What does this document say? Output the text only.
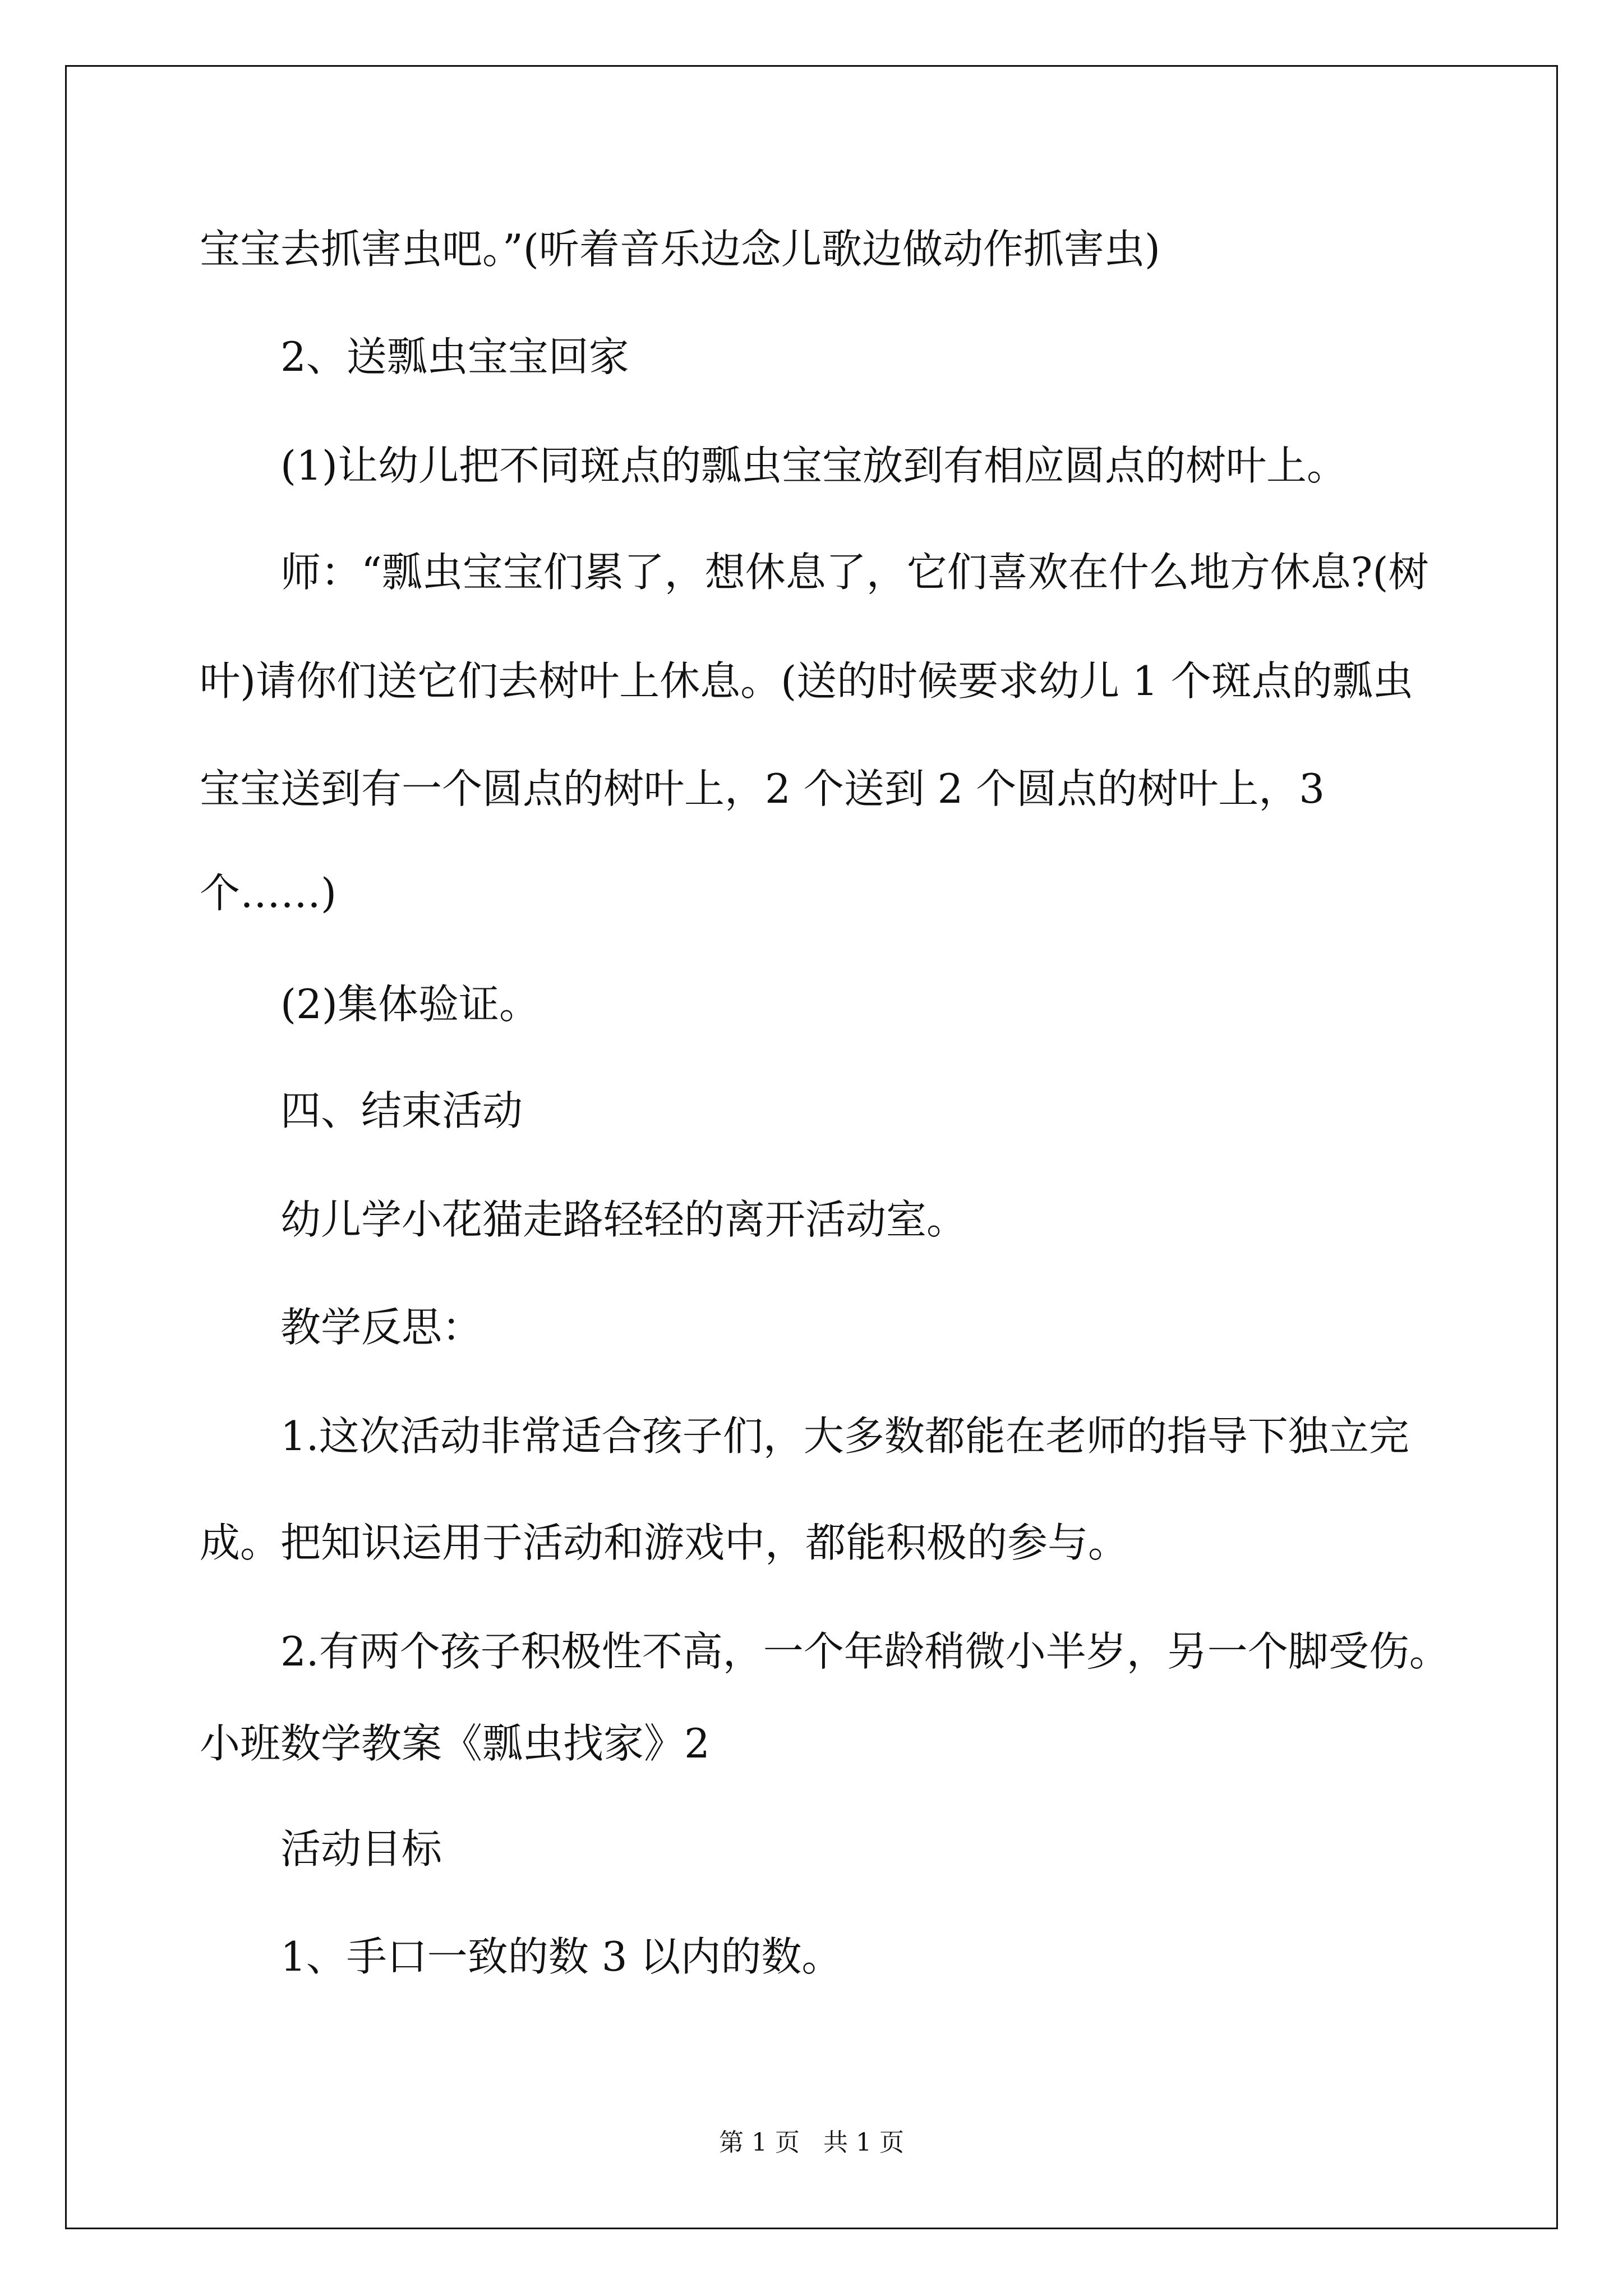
宝宝去抓害虫吧。”(听着音乐边念儿歌边做动作抓害虫)

2、送瓢虫宝宝回家

(1)让幼儿把不同斑点的瓢虫宝宝放到有相应圆点的树叶上。

师：“瓢虫宝宝们累了，想休息了，它们喜欢在什么地方休息?(树

叶)请你们送它们去树叶上休息。(送的时候要求幼儿 1 个斑点的瓢虫

宝宝送到有一个圆点的树叶上，2 个送到 2 个圆点的树叶上，3

个……)

(2)集体验证。

四、结束活动

幼儿学小花猫走路轻轻的离开活动室。

教学反思：

1.这次活动非常适合孩子们，大多数都能在老师的指导下独立完

成。把知识运用于活动和游戏中，都能积极的参与。

2.有两个孩子积极性不高，一个年龄稍微小半岁，另一个脚受伤。

小班数学教案《瓢虫找家》2

活动目标

1、手口一致的数 3 以内的数。

第 1 页 共 1 页
